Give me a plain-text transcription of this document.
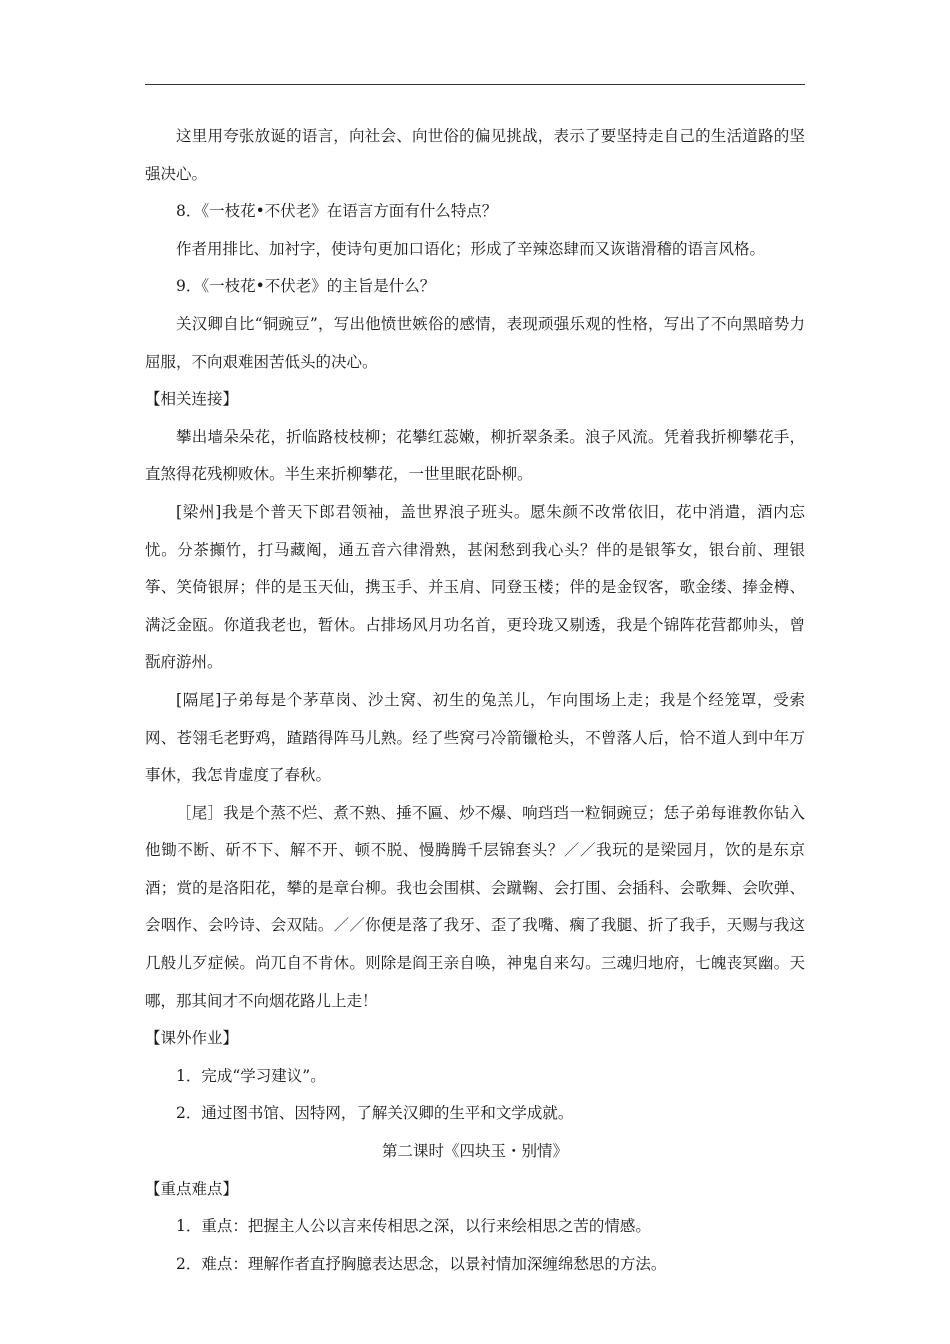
这里用夸张放诞的语言，向社会、向世俗的偏见挑战，表示了要坚持走自己的生活道路的坚强决心。

8．《一枝花•不伏老》在语言方面有什么特点？

作者用排比、加衬字，使诗句更加口语化；形成了辛辣恣肆而又诙谐滑稽的语言风格。

9．《一枝花•不伏老》的主旨是什么？

关汉卿自比“铜豌豆”，写出他愤世嫉俗的感情，表现顽强乐观的性格，写出了不向黑暗势力屈服，不向艰难困苦低头的决心。

【相关连接】

攀出墙朵朵花，折临路枝枝柳；花攀红蕊嫩，柳折翠条柔。浪子风流。凭着我折柳攀花手，直煞得花残柳败休。半生来折柳攀花，一世里眠花卧柳。

[梁州]我是个普天下郎君领袖，盖世界浪子班头。愿朱颜不改常依旧，花中消遣，酒内忘忧。分茶攧竹，打马藏阄，通五音六律滑熟，甚闲愁到我心头？伴的是银筝女，银台前、理银筝、笑倚银屏；伴的是玉天仙，携玉手、并玉肩、同登玉楼；伴的是金钗客，歌金缕、捧金樽、满泛金瓯。你道我老也，暂休。占排场风月功名首，更玲珑又剔透，我是个锦阵花营都帅头，曾翫府游州。

[隔尾]子弟每是个茅草岗、沙土窝、初生的兔羔儿，乍向围场上走；我是个经笼罩，受索网、苍翎毛老野鸡，蹅踏得阵马儿熟。经了些窝弓冷箭镴枪头，不曾落人后，恰不道人到中年万事休，我怎肯虚度了春秋。

［尾］我是个蒸不烂、煮不熟、捶不匾、炒不爆、响珰珰一粒铜豌豆；恁子弟每谁教你钻入他锄不断、斫不下、解不开、顿不脱、慢腾腾千层锦套头？／／我玩的是梁园月，饮的是东京酒；赏的是洛阳花，攀的是章台柳。我也会围棋、会蹴鞠、会打围、会插科、会歌舞、会吹弹、会咽作、会吟诗、会双陆。／／你便是落了我牙、歪了我嘴、瘸了我腿、折了我手，天赐与我这几般儿歹症候。尚兀自不肯休。则除是阎王亲自唤，神鬼自来勾。三魂归地府，七魄丧冥幽。天哪，那其间才不向烟花路儿上走！

【课外作业】

1．完成“学习建议”。

2．通过图书馆、因特网，了解关汉卿的生平和文学成就。

第二课时《四块玉・别情》

【重点难点】

1．重点：把握主人公以言来传相思之深，以行来绘相思之苦的情感。

2．难点：理解作者直抒胸臆表达思念，以景衬情加深缠绵愁思的方法。
